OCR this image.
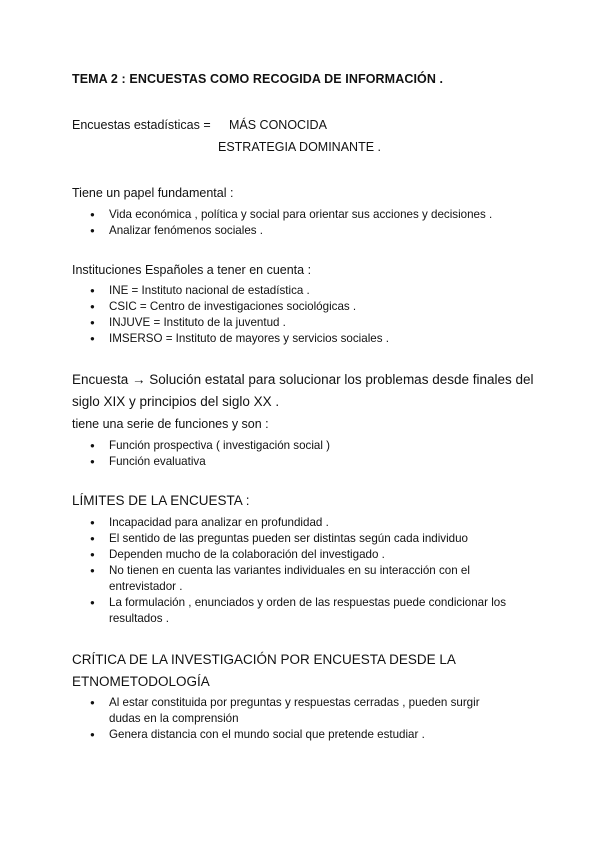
TEMA 2 : ENCUESTAS COMO RECOGIDA DE INFORMACIÓN .
Encuestas estadísticas = MÁS CONOCIDA
ESTRATEGIA DOMINANTE .
Tiene un papel fundamental :
● Vida económica , política y social para orientar sus acciones y decisiones .
● Analizar fenómenos sociales .
Instituciones Españoles a tener en cuenta :
● INE = Instituto nacional de estadística .
● CSIC = Centro de investigaciones sociológicas .
● INJUVE = Instituto de la juventud .
● IMSERSO = Instituto de mayores y servicios sociales .
Encuesta → Solución estatal para solucionar los problemas desde finales del
siglo XIX y principios del siglo XX .
tiene una serie de funciones y son :
● Función prospectiva ( investigación social )
● Función evaluativa
LÍMITES DE LA ENCUESTA :
● Incapacidad para analizar en profundidad .
● El sentido de las preguntas pueden ser distintas según cada individuo
● Dependen mucho de la colaboración del investigado .
● No tienen en cuenta las variantes individuales en su interacción con el
entrevistador .
● La formulación , enunciados y orden de las respuestas puede condicionar los
resultados .
CRÍTICA DE LA INVESTIGACIÓN POR ENCUESTA DESDE LA
ETNOMETODOLOGÍA
● Al estar constituida por preguntas y respuestas cerradas , pueden surgir
dudas en la comprensión
● Genera distancia con el mundo social que pretende estudiar .
